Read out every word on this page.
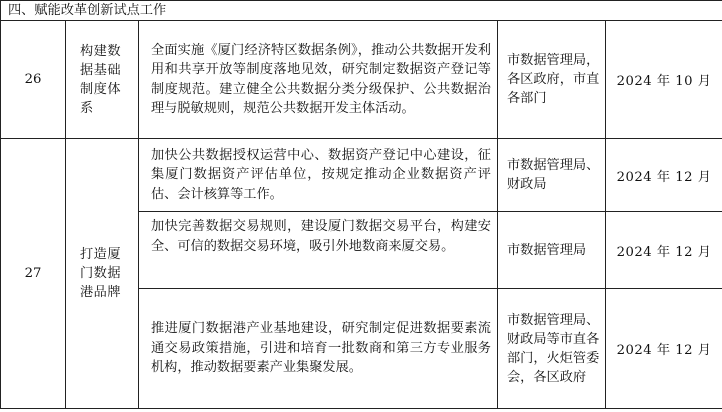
四、赋能改革创新试点工作				
26	构建数据基础制度体系	全面实施《厦门经济特区数据条例》，推动公共数据开发利用和共享开放等制度落地见效，研究制定数据资产登记等制度规范。建立健全公共数据分类分级保护、公共数据治理与脱敏规则，规范公共数据开发主体活动。	市数据管理局，各区政府，市直各部门	2024 年 10 月
27	打造厦门数据港品牌	加快公共数据授权运营中心、数据资产登记中心建设，征集厦门数据资产评估单位，按规定推动企业数据资产评估、会计核算等工作。	市数据管理局、财政局	2024 年 12 月
		加快完善数据交易规则，建设厦门数据交易平台，构建安全、可信的数据交易环境，吸引外地数商来厦交易。	市数据管理局	2024 年 12 月
		推进厦门数据港产业基地建设，研究制定促进数据要素流通交易政策措施，引进和培育一批数商和第三方专业服务机构，推动数据要素产业集聚发展。	市数据管理局、财政局等市直各部门，火炬管委会，各区政府	2024 年 12 月
